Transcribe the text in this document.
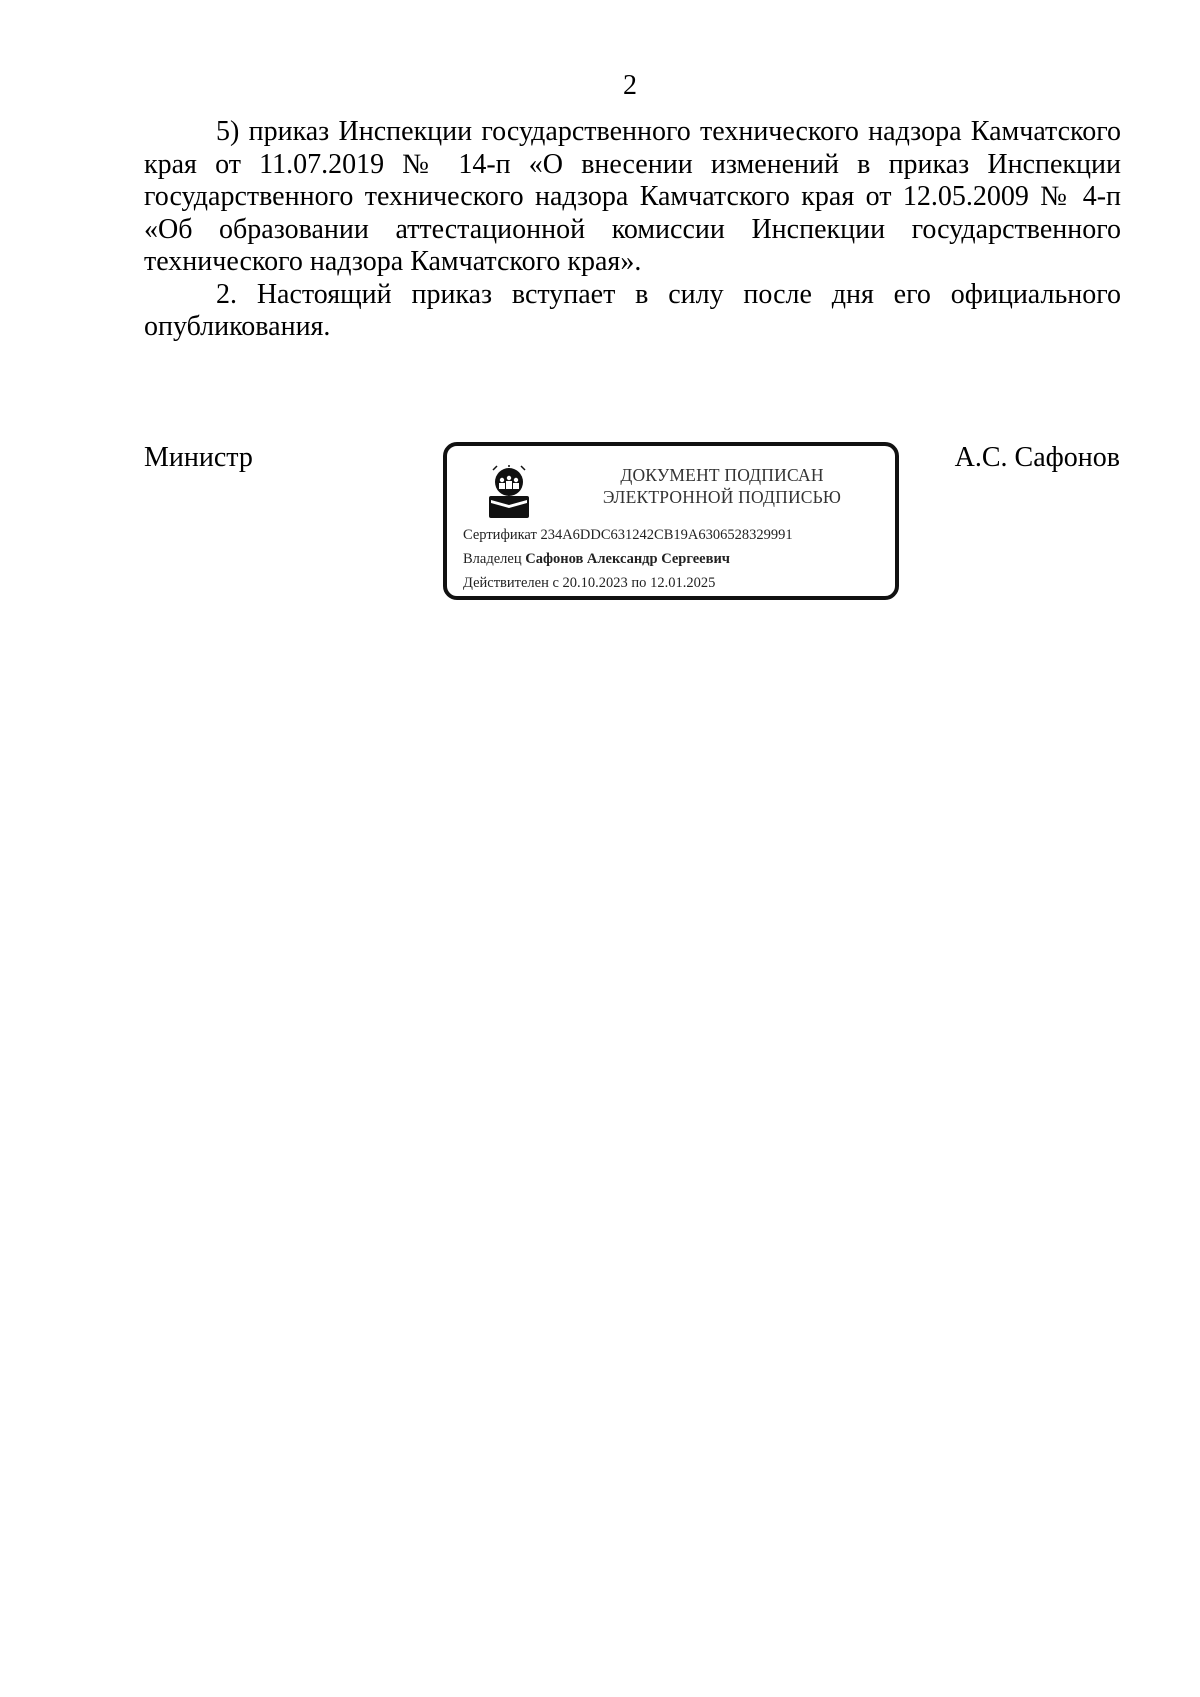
2

5) приказ Инспекции государственного технического надзора Камчатского края от 11.07.2019 № 14-п «О внесении изменений в приказ Инспекции государственного технического надзора Камчатского края от 12.05.2009 № 4-п «Об образовании аттестационной комиссии Инспекции государственного технического надзора Камчатского края».

2. Настоящий приказ вступает в силу после дня его официального опубликования.

Министр
ДОКУМЕНТ ПОДПИСАН
ЭЛЕКТРОННОЙ ПОДПИСЬЮ
Сертификат 234A6DDC631242CB19A6306528329991
Владелец Сафонов Александр Сергеевич
Действителен с 20.10.2023 по 12.01.2025
А.С. Сафонов
